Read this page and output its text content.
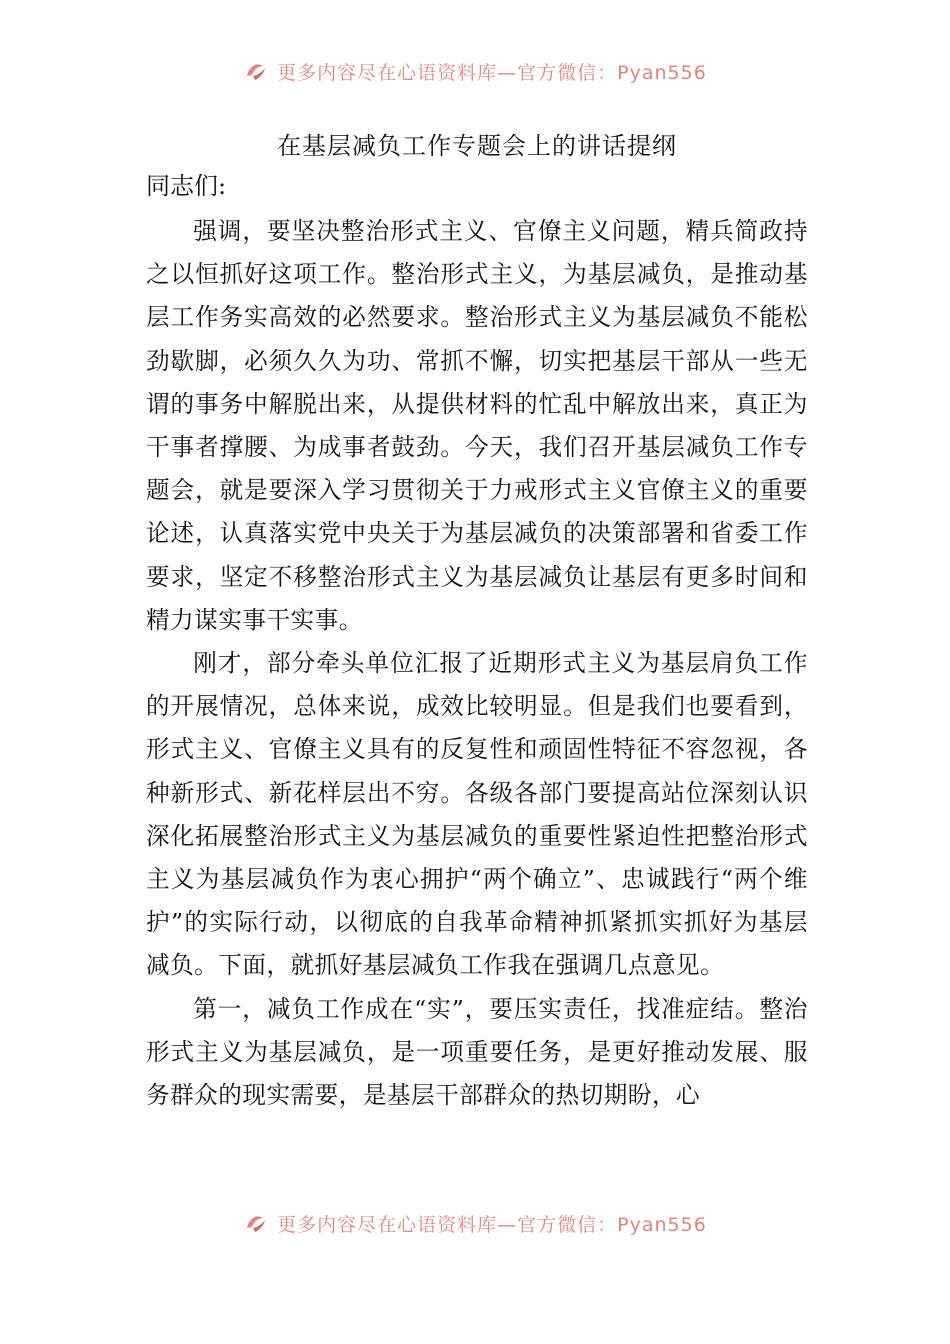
更多内容尽在心语资料库—官方微信：Pyan556
在基层减负工作专题会上的讲话提纲

同志们:

强调，要坚决整治形式主义、官僚主义问题，精兵简政持之以恒抓好这项工作。整治形式主义，为基层减负，是推动基层工作务实高效的必然要求。整治形式主义为基层减负不能松劲歇脚，必须久久为功、常抓不懈，切实把基层干部从一些无谓的事务中解脱出来，从提供材料的忙乱中解放出来，真正为干事者撑腰、为成事者鼓劲。今天，我们召开基层减负工作专题会，就是要深入学习贯彻关于力戒形式主义官僚主义的重要论述，认真落实党中央关于为基层减负的决策部署和省委工作要求，坚定不移整治形式主义为基层减负让基层有更多时间和精力谋实事干实事。

刚才，部分牵头单位汇报了近期形式主义为基层肩负工作的开展情况，总体来说，成效比较明显。但是我们也要看到，形式主义、官僚主义具有的反复性和顽固性特征不容忽视，各种新形式、新花样层出不穷。各级各部门要提高站位深刻认识深化拓展整治形式主义为基层减负的重要性紧迫性把整治形式主义为基层减负作为衷心拥护“两个确立”、忠诚践行“两个维护”的实际行动，以彻底的自我革命精神抓紧抓实抓好为基层减负。下面，就抓好基层减负工作我在强调几点意见。

第一，减负工作成在“实”，要压实责任，找准症结。整治形式主义为基层减负，是一项重要任务，是更好推动发展、服务群众的现实需要，是基层干部群众的热切期盼，心

更多内容尽在心语资料库—官方微信：Pyan556
